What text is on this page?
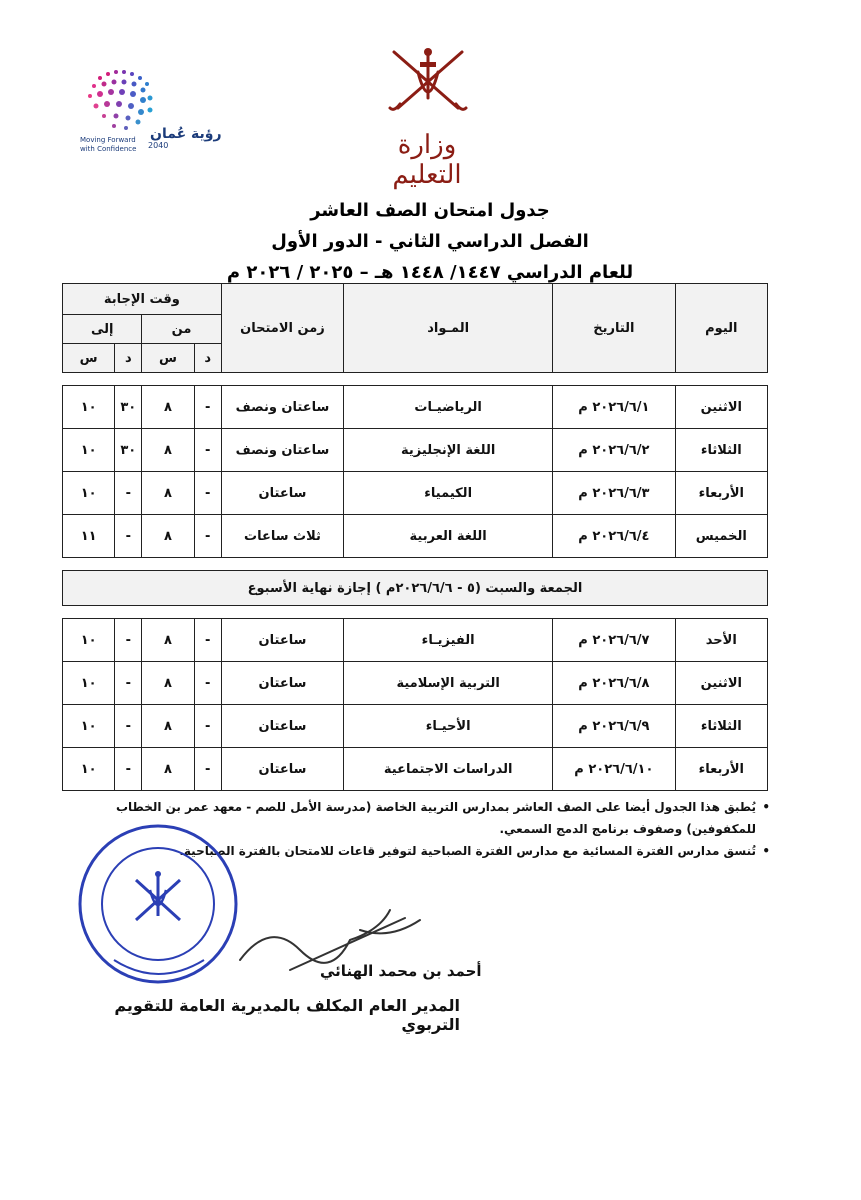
وزارة التعليم
رؤية عُمان
2040
Moving Forward
with Confidence
جدول امتحان الصف العاشر
الفصل الدراسي الثاني - الدور الأول
للعام الدراسي ١٤٤٧/ ١٤٤٨ هـ – ٢٠٢٥ / ٢٠٢٦ م
اليوم	التاريخ	المـواد	زمن الامتحان	وقت الإجابة			
				من		إلى	
				د	س	د	س

الاثنين	٢٠٢٦/٦/١ م	الرياضيـات	ساعتان ونصف	-	٨	٣٠	١٠
الثلاثاء	٢٠٢٦/٦/٢ م	اللغة الإنجليزية	ساعتان ونصف	-	٨	٣٠	١٠
الأربعاء	٢٠٢٦/٦/٣ م	الكيمياء	ساعتان	-	٨	-	١٠
الخميس	٢٠٢٦/٦/٤ م	اللغة العربية	ثلاث ساعات	-	٨	-	١١

الجمعة والسبت (٥ - ٢٠٢٦/٦/٦م ) إجازة نهاية الأسبوع							

الأحد	٢٠٢٦/٦/٧ م	الفيزيـاء	ساعتان	-	٨	-	١٠
الاثنين	٢٠٢٦/٦/٨ م	التربية الإسلامية	ساعتان	-	٨	-	١٠
الثلاثاء	٢٠٢٦/٦/٩ م	الأحيـاء	ساعتان	-	٨	-	١٠
الأربعاء	٢٠٢٦/٦/١٠ م	الدراسات الاجتماعية	ساعتان	-	٨	-	١٠
•
يُطبق هذا الجدول أيضا على الصف العاشر بمدارس التربية الخاصة (مدرسة الأمل للصم - معهد عمر بن الخطاب للمكفوفين) وصفوف برنامج الدمج السمعي.
•
تُنسق مدارس الفترة المسائية مع مدارس الفترة الصباحية لتوفير قاعات للامتحان بالفترة الصباحية.
أحمد بن محمد الهنائي
المدير العام المكلف بالمديرية العامة للتقويم التربوي
